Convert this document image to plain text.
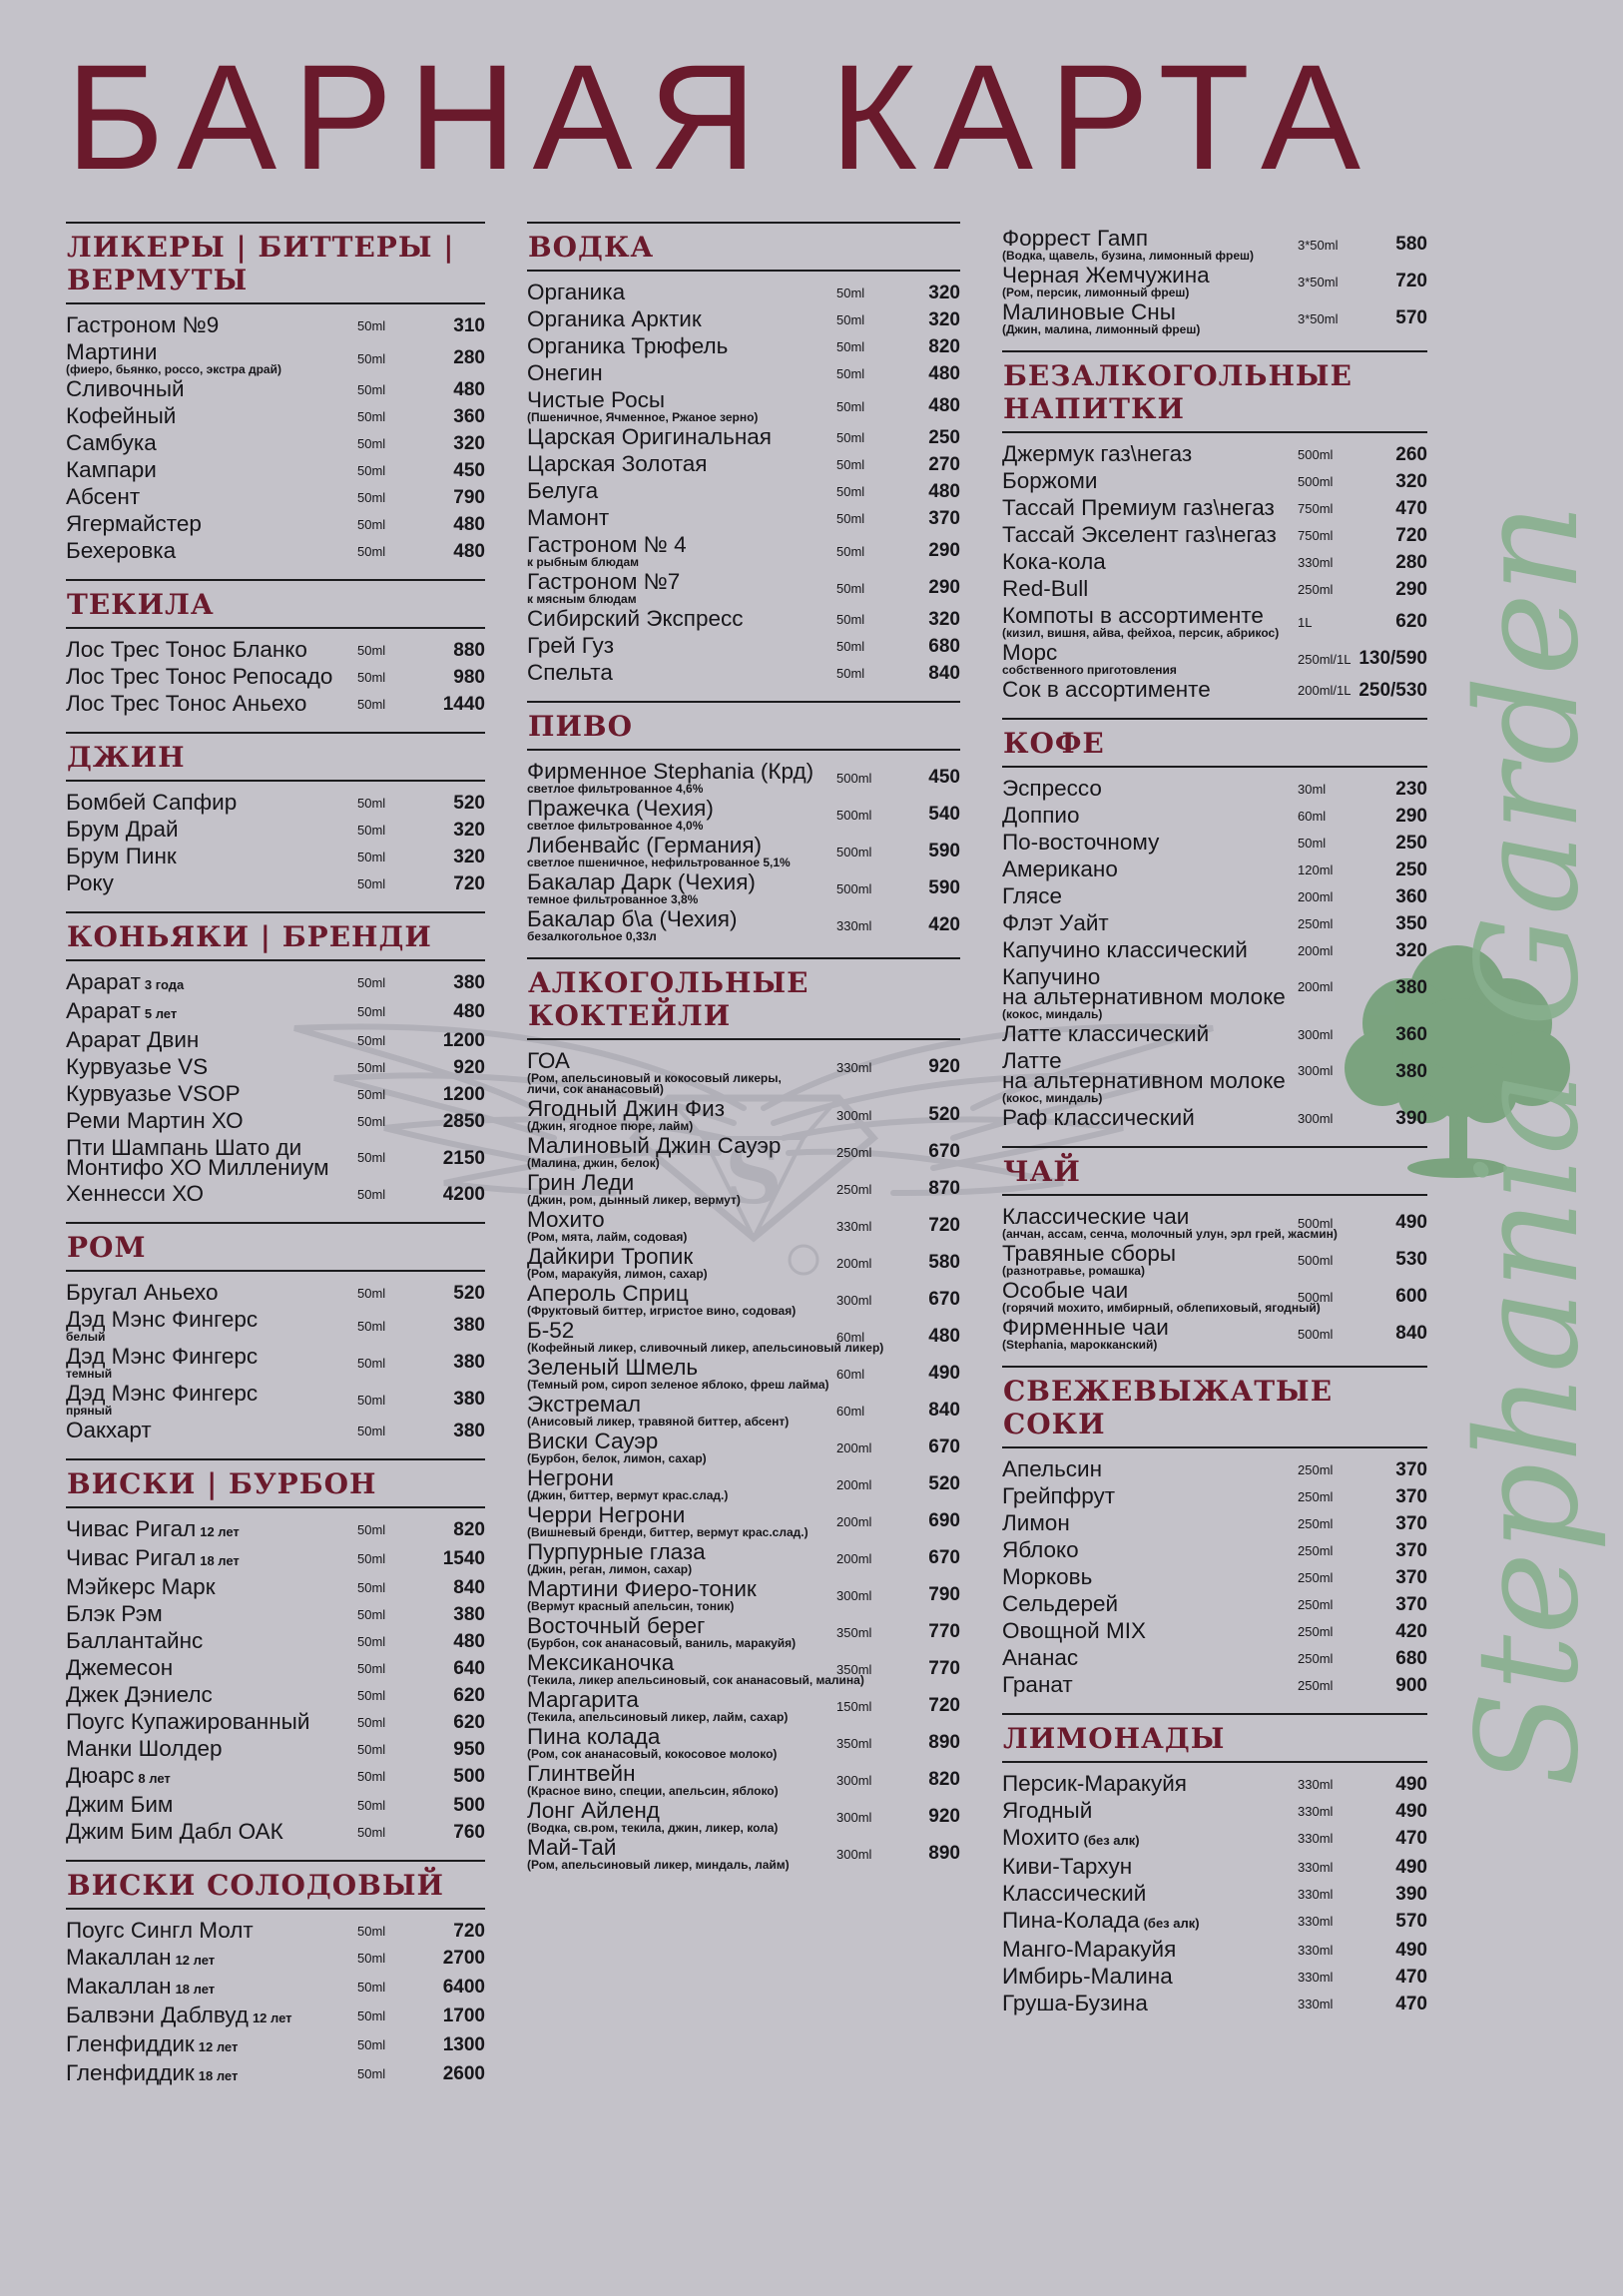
БАРНАЯ КАРТА
S	Stephania Garden
ЛИКЕРЫ | БИТТЕРЫ | ВЕРМУТЫ
Гастроном №9	50ml	310
Мартини
(фиеро, бьянко, россо, экстра драй)
50ml	280
Сливочный	50ml	480
Кофейный	50ml	360
Самбука	50ml	320
Кампари	50ml	450
Абсент	50ml	790
Ягермайстер	50ml	480
Бехеровка	50ml	480
ТЕКИЛА
Лос Трес Тонос Бланко	50ml	880
Лос Трес Тонос Репосадо	50ml	980
Лос Трес Тонос Аньехо	50ml	1440
ДЖИН
Бомбей Сапфир	50ml	520
Брум Драй	50ml	320
Брум Пинк	50ml	320
Року	50ml	720
КОНЬЯКИ | БРЕНДИ
Арарат 3 года	50ml	380
Арарат 5 лет	50ml	480
Арарат Двин	50ml	1200
Курвуазье VS	50ml	920
Курвуазье VSOP	50ml	1200
Реми Мартин ХО	50ml	2850
Пти Шампань Шато ди
Монтифо ХО Миллениум	50ml	2150
Хеннесси ХО	50ml	4200
РОМ
Бругал Аньехо	50ml	520
Дэд Мэнс Фингерс
белый
50ml	380
Дэд Мэнс Фингерс
темный
50ml	380
Дэд Мэнс Фингерс
пряный
50ml	380
Оакхарт	50ml	380
ВИСКИ | БУРБОН
Чивас Ригал 12 лет	50ml	820
Чивас Ригал 18 лет	50ml	1540
Мэйкерс Марк	50ml	840
Блэк Рэм	50ml	380
Баллантайнс	50ml	480
Джемесон	50ml	640
Джек Дэниелс	50ml	620
Поугс Купажированный	50ml	620
Манки Шолдер	50ml	950
Дюарс 8 лет	50ml	500
Джим Бим	50ml	500
Джим Бим Дабл ОАК	50ml	760
ВИСКИ СОЛОДОВЫЙ
Поугс Сингл Молт	50ml	720
Макаллан 12 лет	50ml	2700
Макаллан 18 лет	50ml	6400
Балвэни Даблвуд 12 лет	50ml	1700
Гленфиддик 12 лет	50ml	1300
Гленфиддик 18 лет	50ml	2600
ВОДКА
Органика	50ml	320
Органика Арктик	50ml	320
Органика Трюфель	50ml	820
Онегин	50ml	480
Чистые Росы
(Пшеничное, Ячменное, Ржаное зерно)
50ml	480
Царская Оригинальная	50ml	250
Царская Золотая	50ml	270
Белуга	50ml	480
Мамонт	50ml	370
Гастроном № 4
к рыбным блюдам
50ml	290
Гастроном №7
к мясным блюдам
50ml	290
Сибирский Экспресс	50ml	320
Грей Гуз	50ml	680
Спельта	50ml	840
ПИВО
Фирменное Stephania (Крд)
светлое фильтрованное 4,6%
500ml	450
Пражечка (Чехия)
светлое фильтрованное 4,0%
500ml	540
Либенвайс (Германия)
светлое пшеничное, нефильтрованное 5,1%
500ml	590
Бакалар Дарк (Чехия)
темное фильтрованное 3,8%
500ml	590
Бакалар б\а (Чехия)
безалкогольное 0,33л
330ml	420
АЛКОГОЛЬНЫЕ КОКТЕЙЛИ
ГОА
(Ром, апельсиновый и кокосовый ликеры,
личи, сок ананасовый)
330ml	920
Ягодный Джин Физ
(Джин, ягодное пюре, лайм)
300ml	520
Малиновый Джин Сауэр
(Малина, джин, белок)
250ml	670
Грин Леди
(Джин, ром, дынный ликер, вермут)
250ml	870
Мохито
(Ром, мята, лайм, содовая)
330ml	720
Дайкири Тропик
(Ром, маракуйя, лимон, сахар)
200ml	580
Апероль Сприц
(Фруктовый биттер, игристое вино, содовая)
300ml	670
Б-52
(Кофейный ликер, сливочный ликер, апельсиновый ликер)
60ml	480
Зеленый Шмель
(Темный ром, сироп зеленое яблоко, фреш лайма)
60ml	490
Экстремал
(Анисовый ликер, травяной биттер, абсент)
60ml	840
Виски Сауэр
(Бурбон, белок, лимон, сахар)
200ml	670
Негрони
(Джин, биттер, вермут крас.слад.)
200ml	520
Черри Негрони
(Вишневый бренди, биттер, вермут крас.слад.)
200ml	690
Пурпурные глаза
(Джин, реган, лимон, сахар)
200ml	670
Мартини Фиеро-тоник
(Вермут красный апельсин, тоник)
300ml	790
Восточный берег
(Бурбон, сок ананасовый, ваниль, маракуйя)
350ml	770
Мексиканочка
(Текила, ликер апельсиновый, сок ананасовый, малина)
350ml	770
Маргарита
(Текила, апельсиновый ликер, лайм, сахар)
150ml	720
Пина колада
(Ром, сок ананасовый, кокосовое молоко)
350ml	890
Глинтвейн
(Красное вино, специи, апельсин, яблоко)
300ml	820
Лонг Айленд
(Водка, св.ром, текила, джин, ликер, кола)
300ml	920
Май-Тай
(Ром, апельсиновый ликер, миндаль, лайм)
300ml	890
Форрест Гамп
(Водка, щавель, бузина, лимонный фреш)
3*50ml	580
Черная Жемчужина
(Ром, персик, лимонный фреш)
3*50ml	720
Малиновые Сны
(Джин, малина, лимонный фреш)
3*50ml	570
БЕЗАЛКОГОЛЬНЫЕ НАПИТКИ
Джермук газ\негаз	500ml	260
Боржоми	500ml	320
Тассай Премиум газ\негаз	750ml	470
Тассай Экселент газ\негаз	750ml	720
Кока-кола	330ml	280
Red-Bull	250ml	290
Компоты в ассортименте
(кизил, вишня, айва, фейхоа, персик, абрикос)
1L	620
Морс
собственного приготовления
250ml/1L 130/590
Сок в ассортименте	200ml/1L 250/530
КОФЕ
Эспрессо	30ml	230
Доппио	60ml	290
По-восточному	50ml	250
Американо	120ml	250
Глясе	200ml	360
Флэт Уайт	250ml	350
Капучино классический	200ml	320
Капучино
на альтернативном молоке
(кокос, миндаль)
200ml	380
Латте классический	300ml	360
Латте
на альтернативном молоке
(кокос, миндаль)
300ml	380
Раф классический	300ml	390
ЧАЙ
Классические чаи
(анчан, ассам, сенча, молочный улун, эрл грей, жасмин)
500ml	490
Травяные сборы
(разнотравье, ромашка)
500ml	530
Особые чаи
(горячий мохито, имбирный, облепиховый, ягодный)
500ml	600
Фирменные чаи
(Stephania, марокканский)
500ml	840
СВЕЖЕВЫЖАТЫЕ СОКИ
Апельсин	250ml	370
Грейпфрут	250ml	370
Лимон	250ml	370
Яблоко	250ml	370
Морковь	250ml	370
Сельдерей	250ml	370
Овощной MIX	250ml	420
Ананас	250ml	680
Гранат	250ml	900
ЛИМОНАДЫ
Персик-Маракуйя	330ml	490
Ягодный	330ml	490
Мохито (без алк)	330ml	470
Киви-Тархун	330ml	490
Классический	330ml	390
Пина-Колада (без алк)	330ml	570
Манго-Маракуйя	330ml	490
Имбирь-Малина	330ml	470
Груша-Бузина	330ml	470
